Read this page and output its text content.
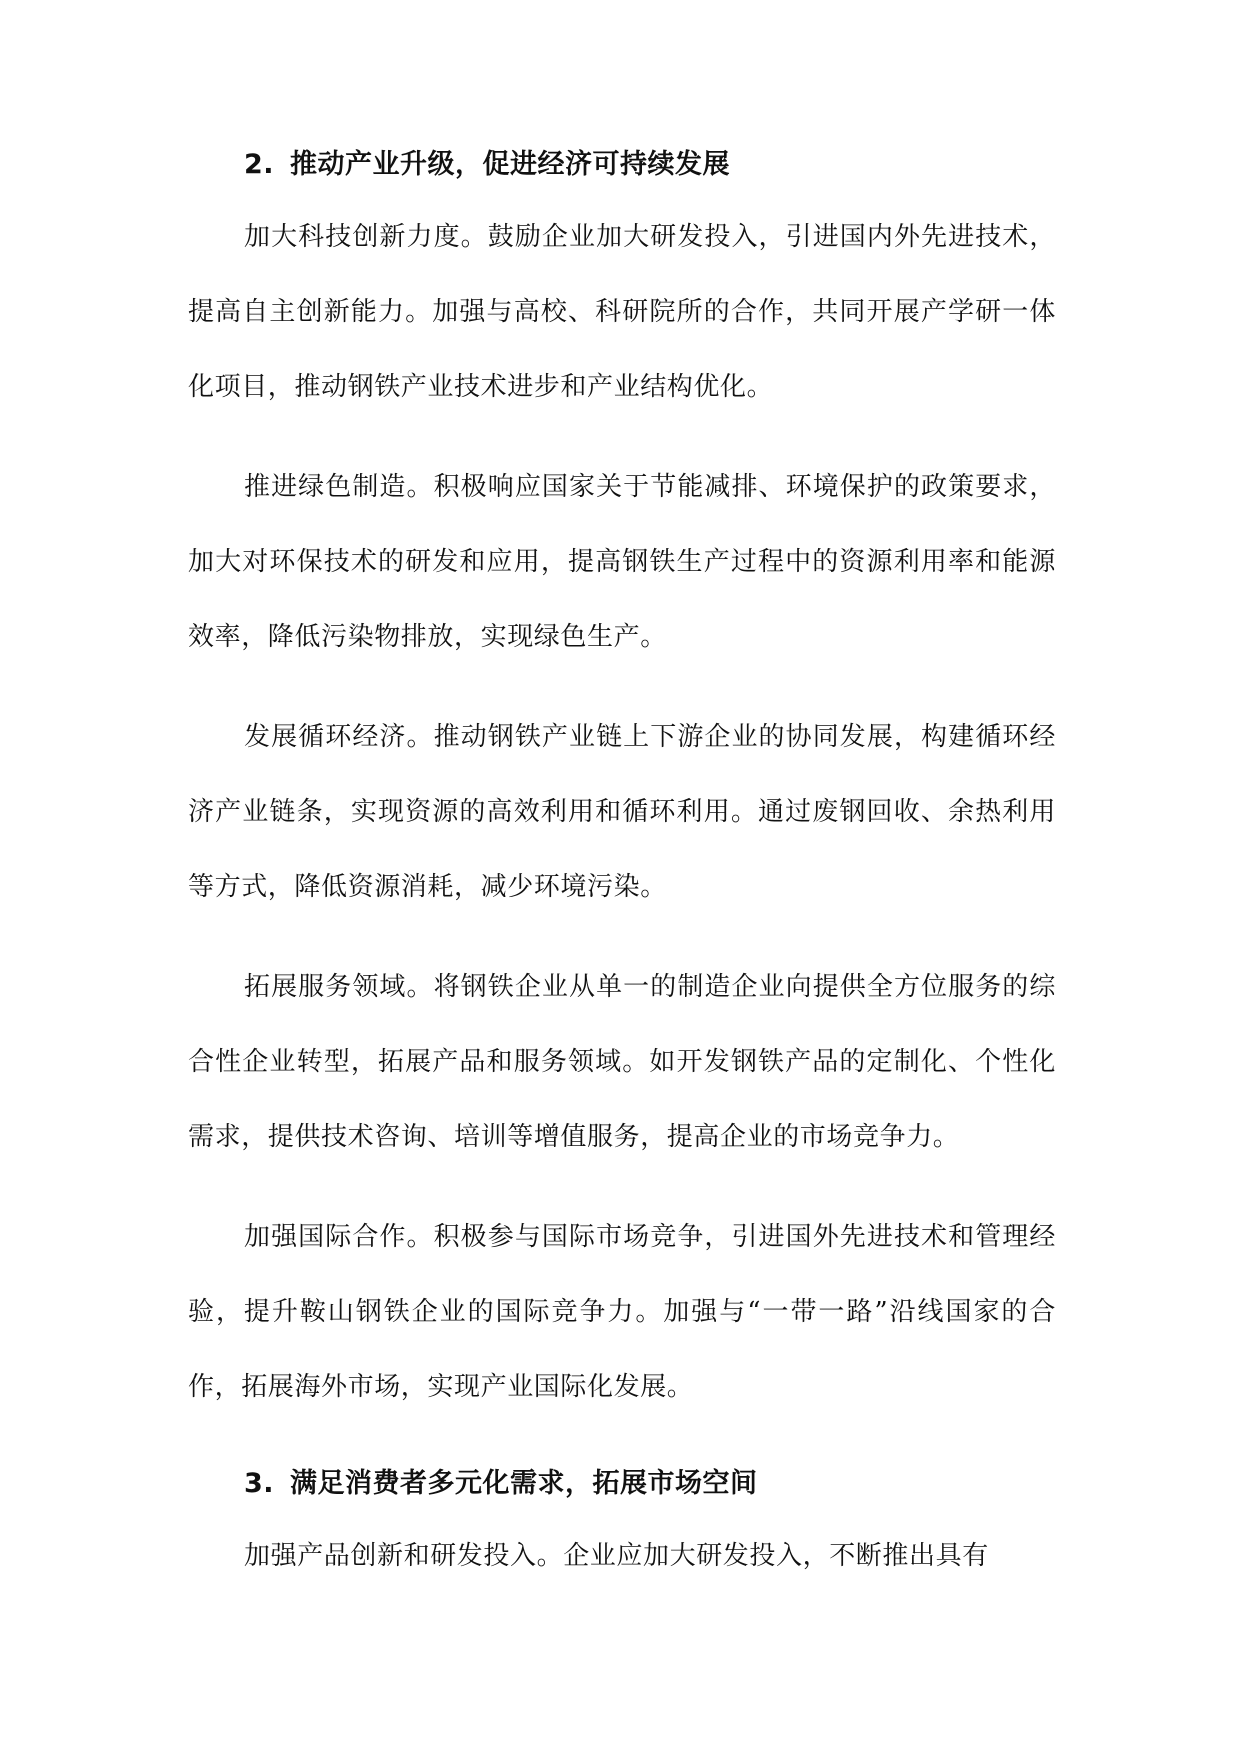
2. 推动产业升级，促进经济可持续发展

加大科技创新力度。鼓励企业加大研发投入，引进国内外先进技术，提高自主创新能力。加强与高校、科研院所的合作，共同开展产学研一体化项目，推动钢铁产业技术进步和产业结构优化。

推进绿色制造。积极响应国家关于节能减排、环境保护的政策要求，加大对环保技术的研发和应用，提高钢铁生产过程中的资源利用率和能源效率，降低污染物排放，实现绿色生产。

发展循环经济。推动钢铁产业链上下游企业的协同发展，构建循环经济产业链条，实现资源的高效利用和循环利用。通过废钢回收、余热利用等方式，降低资源消耗，减少环境污染。

拓展服务领域。将钢铁企业从单一的制造企业向提供全方位服务的综合性企业转型，拓展产品和服务领域。如开发钢铁产品的定制化、个性化需求，提供技术咨询、培训等增值服务，提高企业的市场竞争力。

加强国际合作。积极参与国际市场竞争，引进国外先进技术和管理经验，提升鞍山钢铁企业的国际竞争力。加强与“一带一路”沿线国家的合作，拓展海外市场，实现产业国际化发展。

3. 满足消费者多元化需求，拓展市场空间

加强产品创新和研发投入。企业应加大研发投入，不断推出具有
